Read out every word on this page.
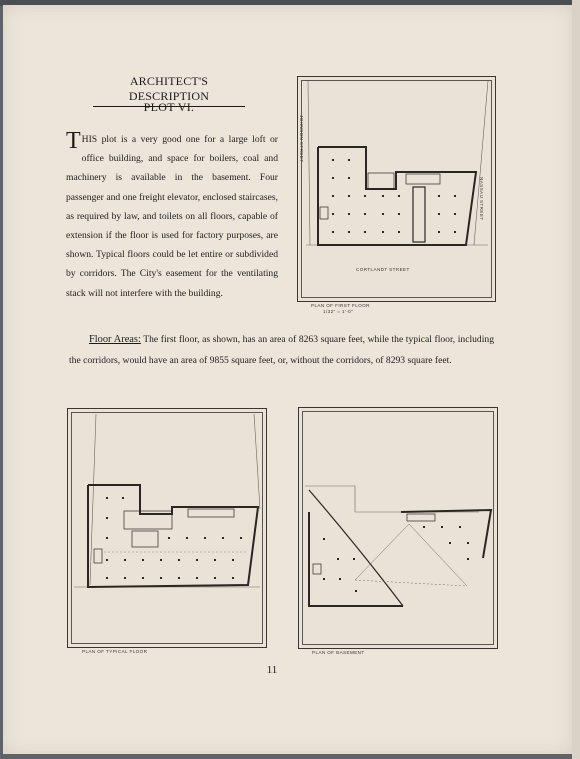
ARCHITECT'S DESCRIPTION
PLOT VI.
THIS plot is a very good one for a large loft or office building, and space for boilers, coal and machinery is available in the basement. Four passenger and one freight elevator, enclosed staircases, as required by law, and toilets on all floors, capable of extension if the floor is used for factory purposes, are shown. Typical floors could be let entire or subdivided by corridors. The City's easement for the ventilating stack will not interfere with the building.
JOHNSON STREET
NASSAU STREET
CORTLANDT STREET
PLAN OF FIRST FLOOR
1/32" = 1'-0"
Floor Areas: The first floor, as shown, has an area of 8263 square feet, while the typical floor, including the corridors, would have an area of 9855 square feet, or, without the corridors, of 8293 square feet.
PLAN OF TYPICAL FLOOR	PLAN OF BASEMENT
11
